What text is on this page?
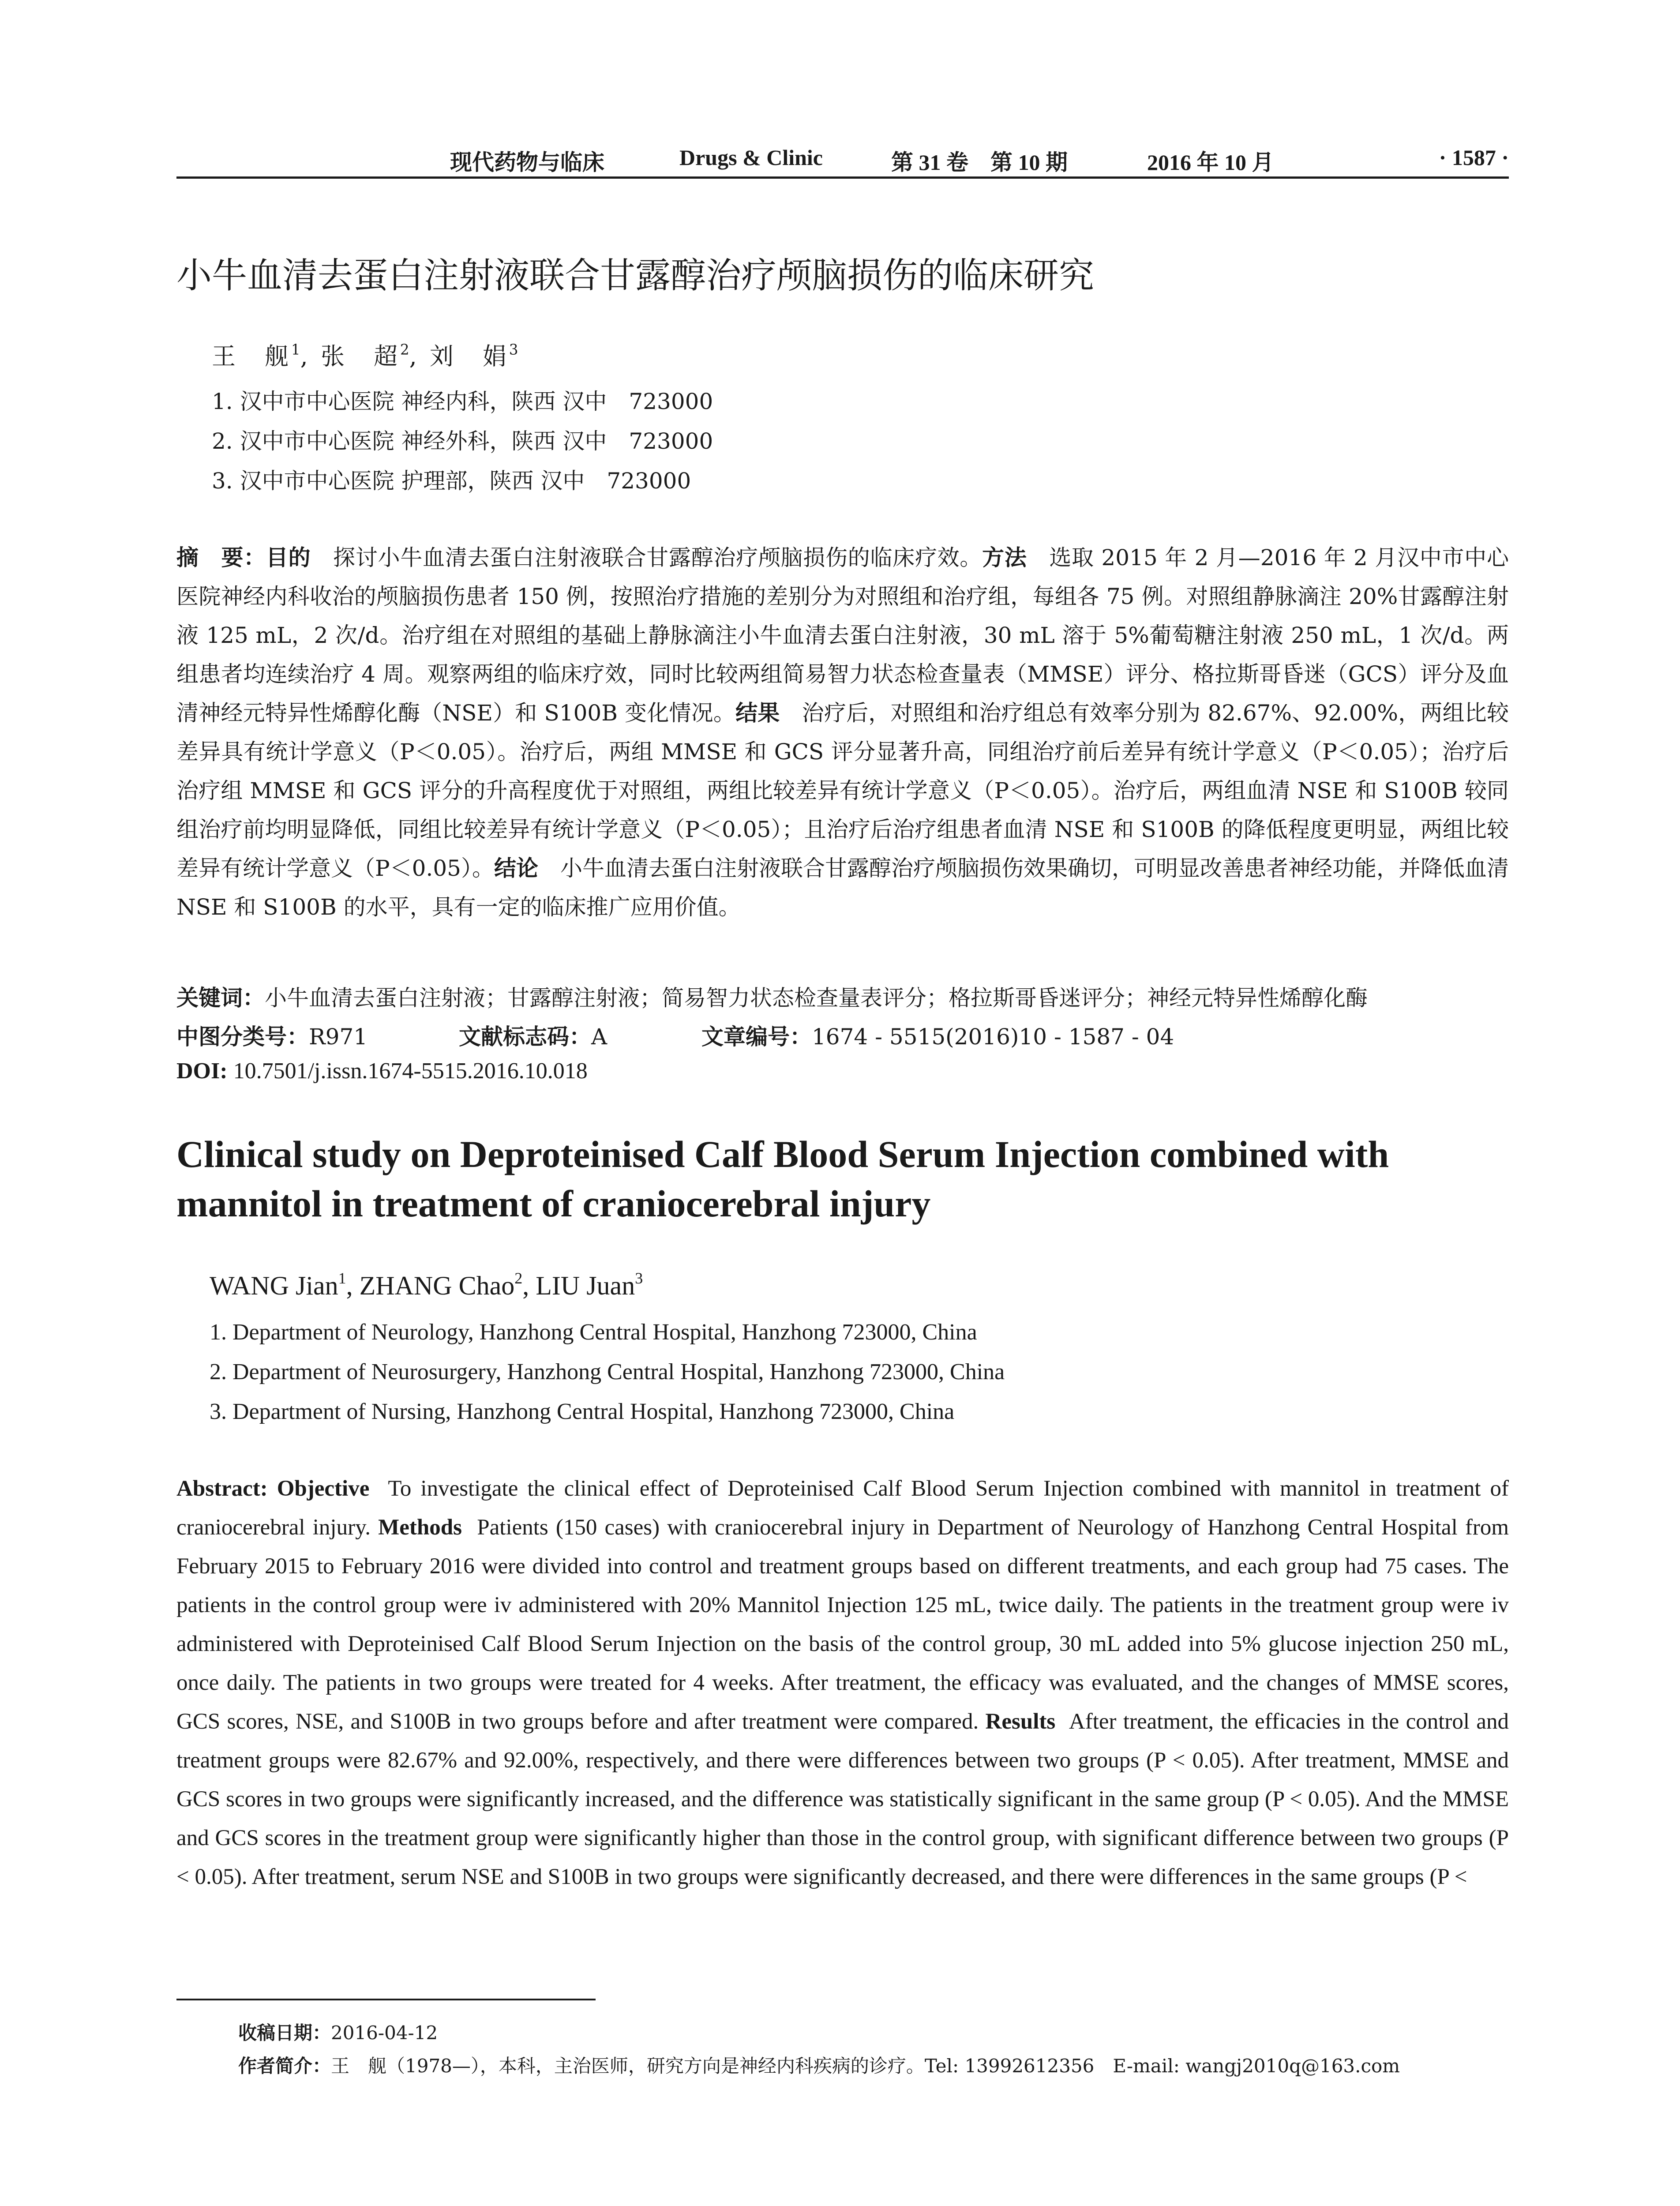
现代药物与临床	Drugs & Clinic	第 31 卷　第 10 期	2016 年 10 月	· 1587 ·
小牛血清去蛋白注射液联合甘露醇治疗颅脑损伤的临床研究
王　舰$^1$, 张　超$^2$, 刘　娟$^3$
1. 汉中市中心医院 神经内科，陕西 汉中　723000
2. 汉中市中心医院 神经外科，陕西 汉中　723000
3. 汉中市中心医院 护理部，陕西 汉中　723000
摘　要：目的　 探讨小牛血清去蛋白注射液联合甘露醇治疗颅脑损伤的临床疗效。方法　 选取 2015 年 2 月—2016 年 2 月汉中市中心医院神经内科收治的颅脑损伤患者 150 例，按照治疗措施的差别分为对照组和治疗组，每组各 75 例。对照组静脉滴注 20%甘露醇注射液 125 mL，2 次/d。治疗组在对照组的基础上静脉滴注小牛血清去蛋白注射液，30 mL 溶于 5%葡萄糖注射液 250 mL，1 次/d。两组患者均连续治疗 4 周。观察两组的临床疗效，同时比较两组简易智力状态检查量表（MMSE）评分、格拉斯哥昏迷（GCS）评分及血清神经元特异性烯醇化酶（NSE）和 S100B 变化情况。结果　 治疗后，对照组和治疗组总有效率分别为 82.67%、92.00%，两组比较差异具有统计学意义（P＜0.05）。治疗后，两组 MMSE 和 GCS 评分显著升高，同组治疗前后差异有统计学意义（P＜0.05）；治疗后治疗组 MMSE 和 GCS 评分的升高程度优于对照组，两组比较差异有统计学意义（P＜0.05）。治疗后，两组血清 NSE 和 S100B 较同组治疗前均明显降低，同组比较差异有统计学意义（P＜0.05）；且治疗后治疗组患者血清 NSE 和 S100B 的降低程度更明显，两组比较差异有统计学意义（P＜0.05）。结论　 小牛血清去蛋白注射液联合甘露醇治疗颅脑损伤效果确切，可明显改善患者神经功能，并降低血清 NSE 和 S100B 的水平，具有一定的临床推广应用价值。
关键词：小牛血清去蛋白注射液；甘露醇注射液；简易智力状态检查量表评分；格拉斯哥昏迷评分；神经元特异性烯醇化酶
中图分类号：R971	文献标志码：A	文章编号：1674 - 5515(2016)10 - 1587 - 04
DOI: 10.7501/j.issn.1674-5515.2016.10.018
Clinical study on Deproteinised Calf Blood Serum Injection combined with mannitol in treatment of craniocerebral injury
WANG Jian$^1$, ZHANG Chao$^2$, LIU Juan$^3$
1. Department of Neurology, Hanzhong Central Hospital, Hanzhong 723000, China
2. Department of Neurosurgery, Hanzhong Central Hospital, Hanzhong 723000, China
3. Department of Nursing, Hanzhong Central Hospital, Hanzhong 723000, China
Abstract: Objective To investigate the clinical effect of Deproteinised Calf Blood Serum Injection combined with mannitol in treatment of craniocerebral injury. Methods Patients (150 cases) with craniocerebral injury in Department of Neurology of Hanzhong Central Hospital from February 2015 to February 2016 were divided into control and treatment groups based on different treatments, and each group had 75 cases. The patients in the control group were iv administered with 20% Mannitol Injection 125 mL, twice daily. The patients in the treatment group were iv administered with Deproteinised Calf Blood Serum Injection on the basis of the control group, 30 mL added into 5% glucose injection 250 mL, once daily. The patients in two groups were treated for 4 weeks. After treatment, the efficacy was evaluated, and the changes of MMSE scores, GCS scores, NSE, and S100B in two groups before and after treatment were compared. Results After treatment, the efficacies in the control and treatment groups were 82.67% and 92.00%, respectively, and there were differences between two groups (P < 0.05). After treatment, MMSE and GCS scores in two groups were significantly increased, and the difference was statistically significant in the same group (P < 0.05). And the MMSE and GCS scores in the treatment group were significantly higher than those in the control group, with significant difference between two groups (P < 0.05). After treatment, serum NSE and S100B in two groups were significantly decreased, and there were differences in the same groups (P <
收稿日期：2016-04-12
作者简介：王　舰（1978—），本科，主治医师，研究方向是神经内科疾病的诊疗。Tel: 13992612356　E-mail: wangj2010q@163.com
